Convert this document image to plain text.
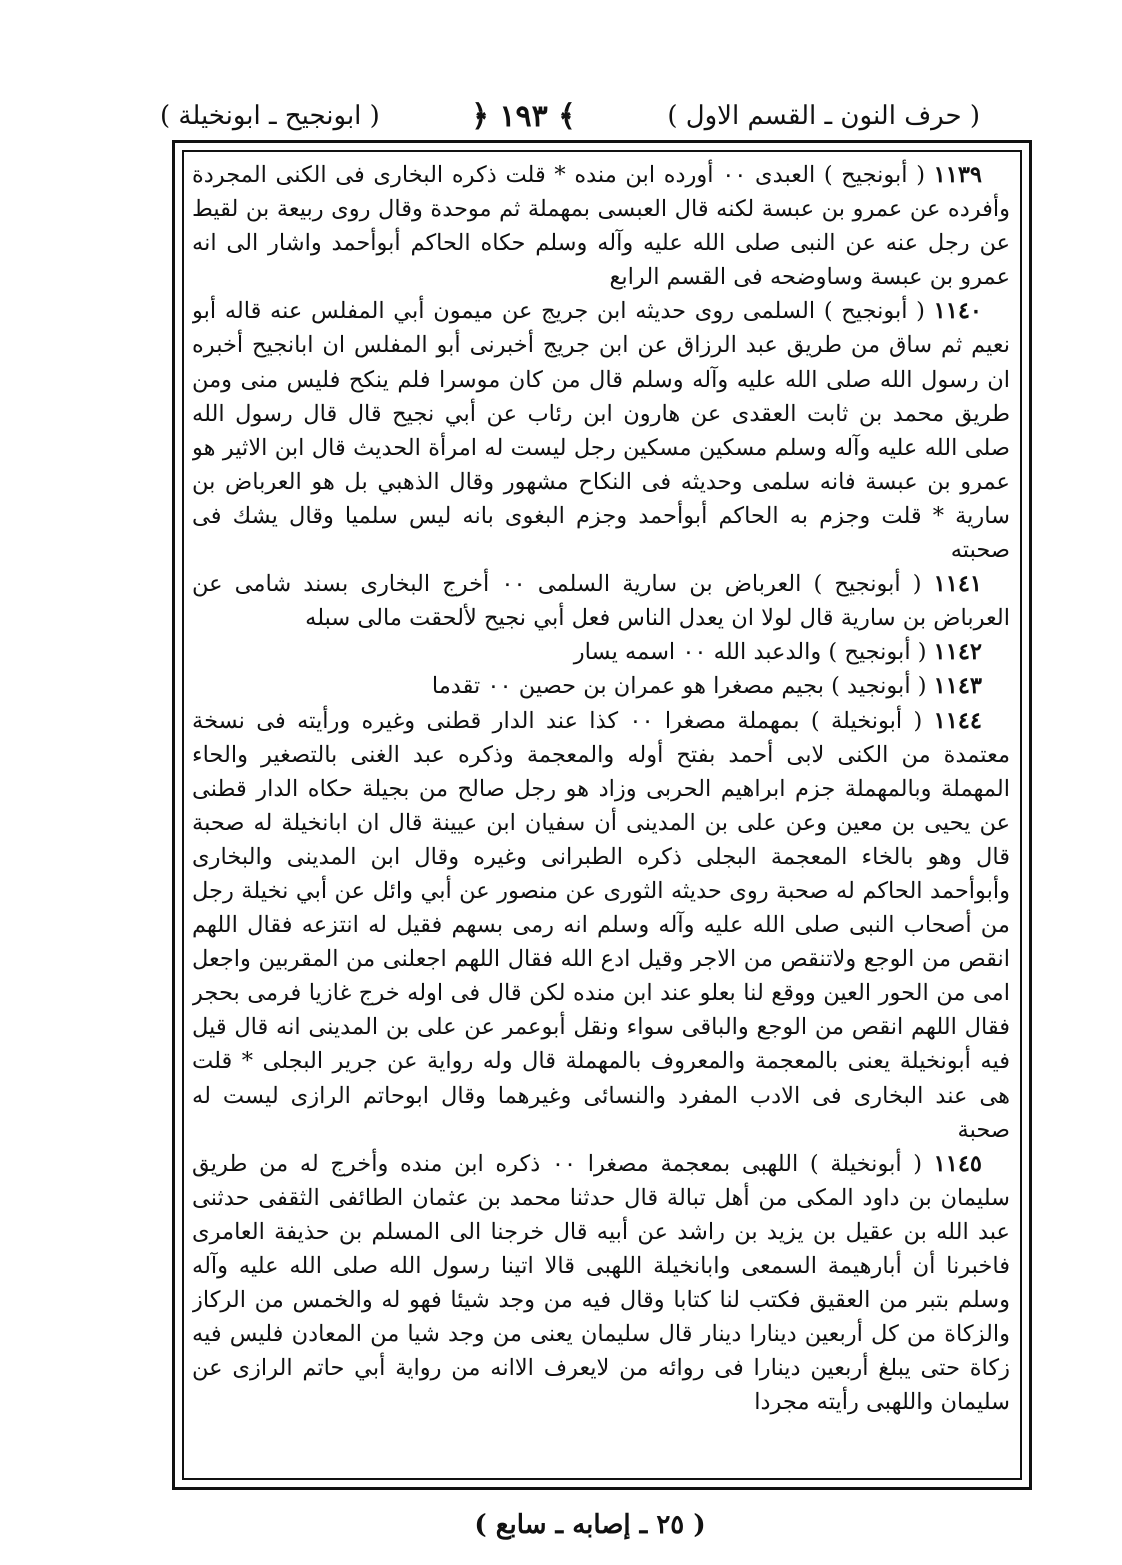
( حرف النون ـ القسم الاول )
﴾ ١٩٣ ﴿
( ابونجيح ـ ابونخيلة )

١١٣٩ ( أبونجيح ) العبدى ٠٠ أورده ابن منده * قلت ذكره البخارى فى الكنى المجردة وأفرده عن عمرو بن عبسة لكنه قال العبسى بمهملة ثم موحدة وقال روى ربيعة بن لقيط عن رجل عنه عن النبى صلى الله عليه وآله وسلم حكاه الحاكم أبوأحمد واشار الى انه عمرو بن عبسة وساوضحه فى القسم الرابع

١١٤٠ ( أبونجيح ) السلمى روى حديثه ابن جريج عن ميمون أبي المفلس عنه قاله أبو نعيم ثم ساق من طريق عبد الرزاق عن ابن جريج أخبرنى أبو المفلس ان ابانجيح أخبره ان رسول الله صلى الله عليه وآله وسلم قال من كان موسرا فلم ينكح فليس منى ومن طريق محمد بن ثابت العقدى عن هارون ابن رئاب عن أبي نجيح قال قال رسول الله صلى الله عليه وآله وسلم مسكين مسكين رجل ليست له امرأة الحديث قال ابن الاثير هو عمرو بن عبسة فانه سلمى وحديثه فى النكاح مشهور وقال الذهبي بل هو العرباض بن سارية * قلت وجزم به الحاكم أبوأحمد وجزم البغوى بانه ليس سلميا وقال يشك فى صحبته

١١٤١ ( أبونجيح ) العرباض بن سارية السلمى ٠٠ أخرج البخارى بسند شامى عن العرباض بن سارية قال لولا ان يعدل الناس فعل أبي نجيح لألحقت مالى سبله

١١٤٢ ( أبونجيح ) والدعبد الله ٠٠ اسمه يسار

١١٤٣ ( أبونجيد ) بجيم مصغرا هو عمران بن حصين ٠٠ تقدما

١١٤٤ ( أبونخيلة ) بمهملة مصغرا ٠٠ كذا عند الدار قطنى وغيره ورأيته فى نسخة معتمدة من الكنى لابى أحمد بفتح أوله والمعجمة وذكره عبد الغنى بالتصغير والحاء المهملة وبالمهملة جزم ابراهيم الحربى وزاد هو رجل صالح من بجيلة حكاه الدار قطنى عن يحيى بن معين وعن على بن المدينى أن سفيان ابن عيينة قال ان ابانخيلة له صحبة قال وهو بالخاء المعجمة البجلى ذكره الطبرانى وغيره وقال ابن المدينى والبخارى وأبوأحمد الحاكم له صحبة روى حديثه الثورى عن منصور عن أبي وائل عن أبي نخيلة رجل من أصحاب النبى صلى الله عليه وآله وسلم انه رمى بسهم فقيل له انتزعه فقال اللهم انقص من الوجع ولاتنقص من الاجر وقيل ادع الله فقال اللهم اجعلنى من المقربين واجعل امى من الحور العين ووقع لنا بعلو عند ابن منده لكن قال فى اوله خرج غازيا فرمى بحجر فقال اللهم انقص من الوجع والباقى سواء ونقل أبوعمر عن على بن المدينى انه قال قيل فيه أبونخيلة يعنى بالمعجمة والمعروف بالمهملة قال وله رواية عن جرير البجلى * قلت هى عند البخارى فى الادب المفرد والنسائى وغيرهما وقال ابوحاتم الرازى ليست له صحبة

١١٤٥ ( أبونخيلة ) اللهبى بمعجمة مصغرا ٠٠ ذكره ابن منده وأخرج له من طريق سليمان بن داود المكى من أهل تبالة قال حدثنا محمد بن عثمان الطائفى الثقفى حدثنى عبد الله بن عقيل بن يزيد بن راشد عن أبيه قال خرجنا الى المسلم بن حذيفة العامرى فاخبرنا أن أبارهيمة السمعى وابانخيلة اللهبى قالا اتينا رسول الله صلى الله عليه وآله وسلم بتبر من العقيق فكتب لنا كتابا وقال فيه من وجد شيئا فهو له والخمس من الركاز والزكاة من كل أربعين دينارا دينار قال سليمان يعنى من وجد شيا من المعادن فليس فيه زكاة حتى يبلغ أربعين دينارا فى روائه من لايعرف الاانه من رواية أبي حاتم الرازى عن سليمان واللهبى رأيته مجردا

( ٢٥ ـ إصابه ـ سابع )
